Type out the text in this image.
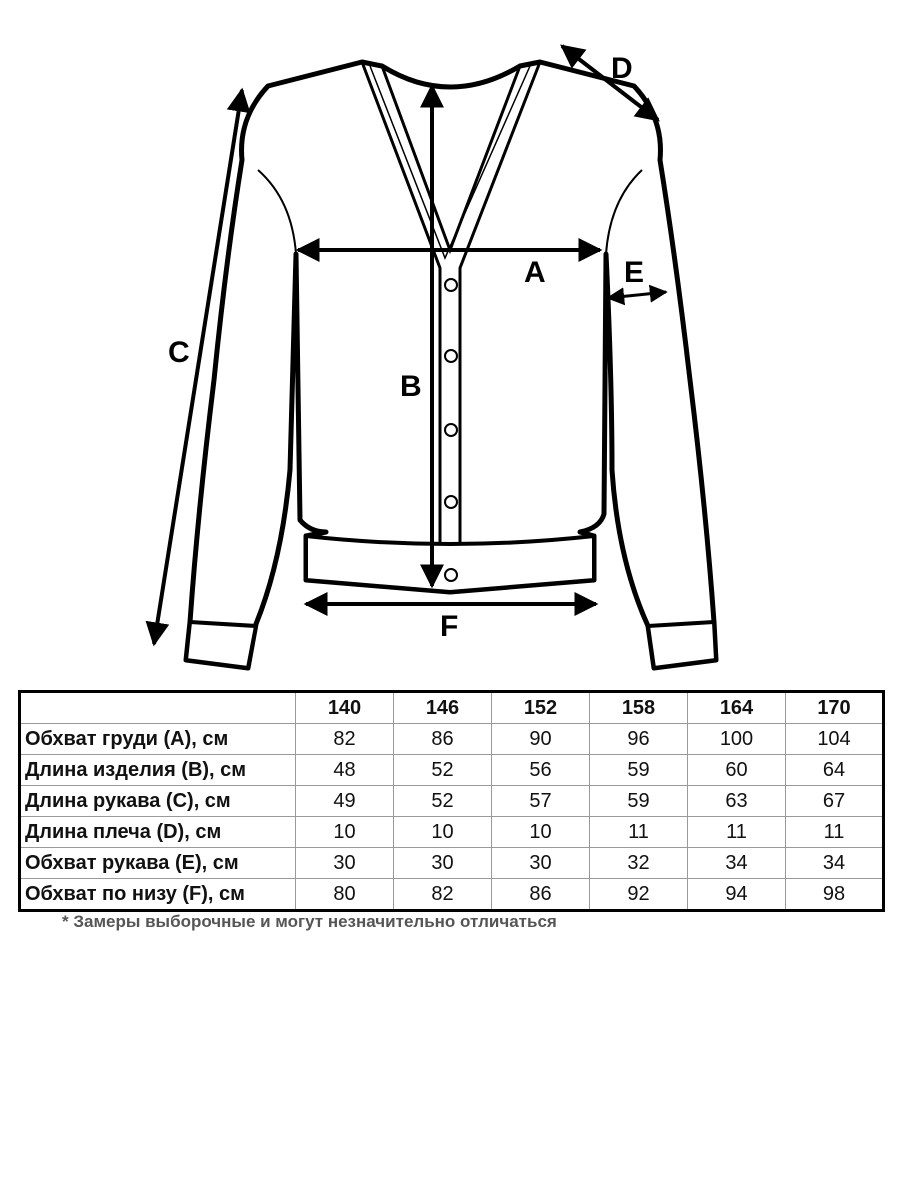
A
B
C
D
E
F
	140	146	152	158	164	170
Обхват груди (A), см	82	86	90	96	100	104
Длина изделия (B), см	48	52	56	59	60	64
Длина рукава (C), см	49	52	57	59	63	67
Длина плеча (D), см	10	10	10	11	11	11
Обхват рукава (E), см	30	30	30	32	34	34
Обхват по низу (F), см	80	82	86	92	94	98
* Замеры выборочные и могут незначительно отличаться
